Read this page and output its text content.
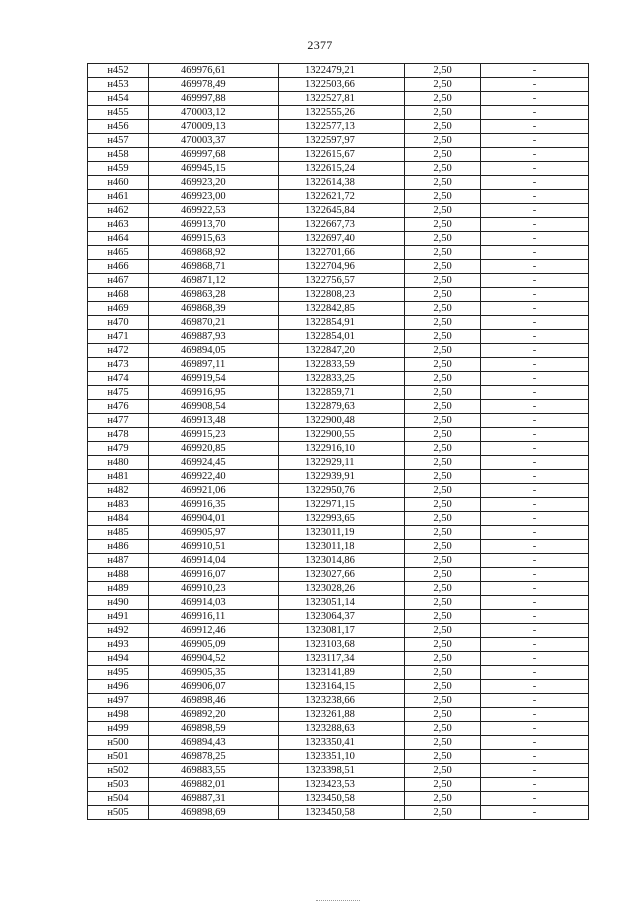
2377
н452	469976,61	1322479,21	2,50	-
н453	469978,49	1322503,66	2,50	-
н454	469997,88	1322527,81	2,50	-
н455	470003,12	1322555,26	2,50	-
н456	470009,13	1322577,13	2,50	-
н457	470003,37	1322597,97	2,50	-
н458	469997,68	1322615,67	2,50	-
н459	469945,15	1322615,24	2,50	-
н460	469923,20	1322614,38	2,50	-
н461	469923,00	1322621,72	2,50	-
н462	469922,53	1322645,84	2,50	-
н463	469913,70	1322667,73	2,50	-
н464	469915,63	1322697,40	2,50	-
н465	469868,92	1322701,66	2,50	-
н466	469868,71	1322704,96	2,50	-
н467	469871,12	1322756,57	2,50	-
н468	469863,28	1322808,23	2,50	-
н469	469868,39	1322842,85	2,50	-
н470	469870,21	1322854,91	2,50	-
н471	469887,93	1322854,01	2,50	-
н472	469894,05	1322847,20	2,50	-
н473	469897,11	1322833,59	2,50	-
н474	469919,54	1322833,25	2,50	-
н475	469916,95	1322859,71	2,50	-
н476	469908,54	1322879,63	2,50	-
н477	469913,48	1322900,48	2,50	-
н478	469915,23	1322900,55	2,50	-
н479	469920,85	1322916,10	2,50	-
н480	469924,45	1322929,11	2,50	-
н481	469922,40	1322939,91	2,50	-
н482	469921,06	1322950,76	2,50	-
н483	469916,35	1322971,15	2,50	-
н484	469904,01	1322993,65	2,50	-
н485	469905,97	1323011,19	2,50	-
н486	469910,51	1323011,18	2,50	-
н487	469914,04	1323014,86	2,50	-
н488	469916,07	1323027,66	2,50	-
н489	469910,23	1323028,26	2,50	-
н490	469914,03	1323051,14	2,50	-
н491	469916,11	1323064,37	2,50	-
н492	469912,46	1323081,17	2,50	-
н493	469905,09	1323103,68	2,50	-
н494	469904,52	1323117,34	2,50	-
н495	469905,35	1323141,89	2,50	-
н496	469906,07	1323164,15	2,50	-
н497	469898,46	1323238,66	2,50	-
н498	469892,20	1323261,88	2,50	-
н499	469898,59	1323288,63	2,50	-
н500	469894,43	1323350,41	2,50	-
н501	469878,25	1323351,10	2,50	-
н502	469883,55	1323398,51	2,50	-
н503	469882,01	1323423,53	2,50	-
н504	469887,31	1323450,58	2,50	-
н505	469898,69	1323450,58	2,50	-
